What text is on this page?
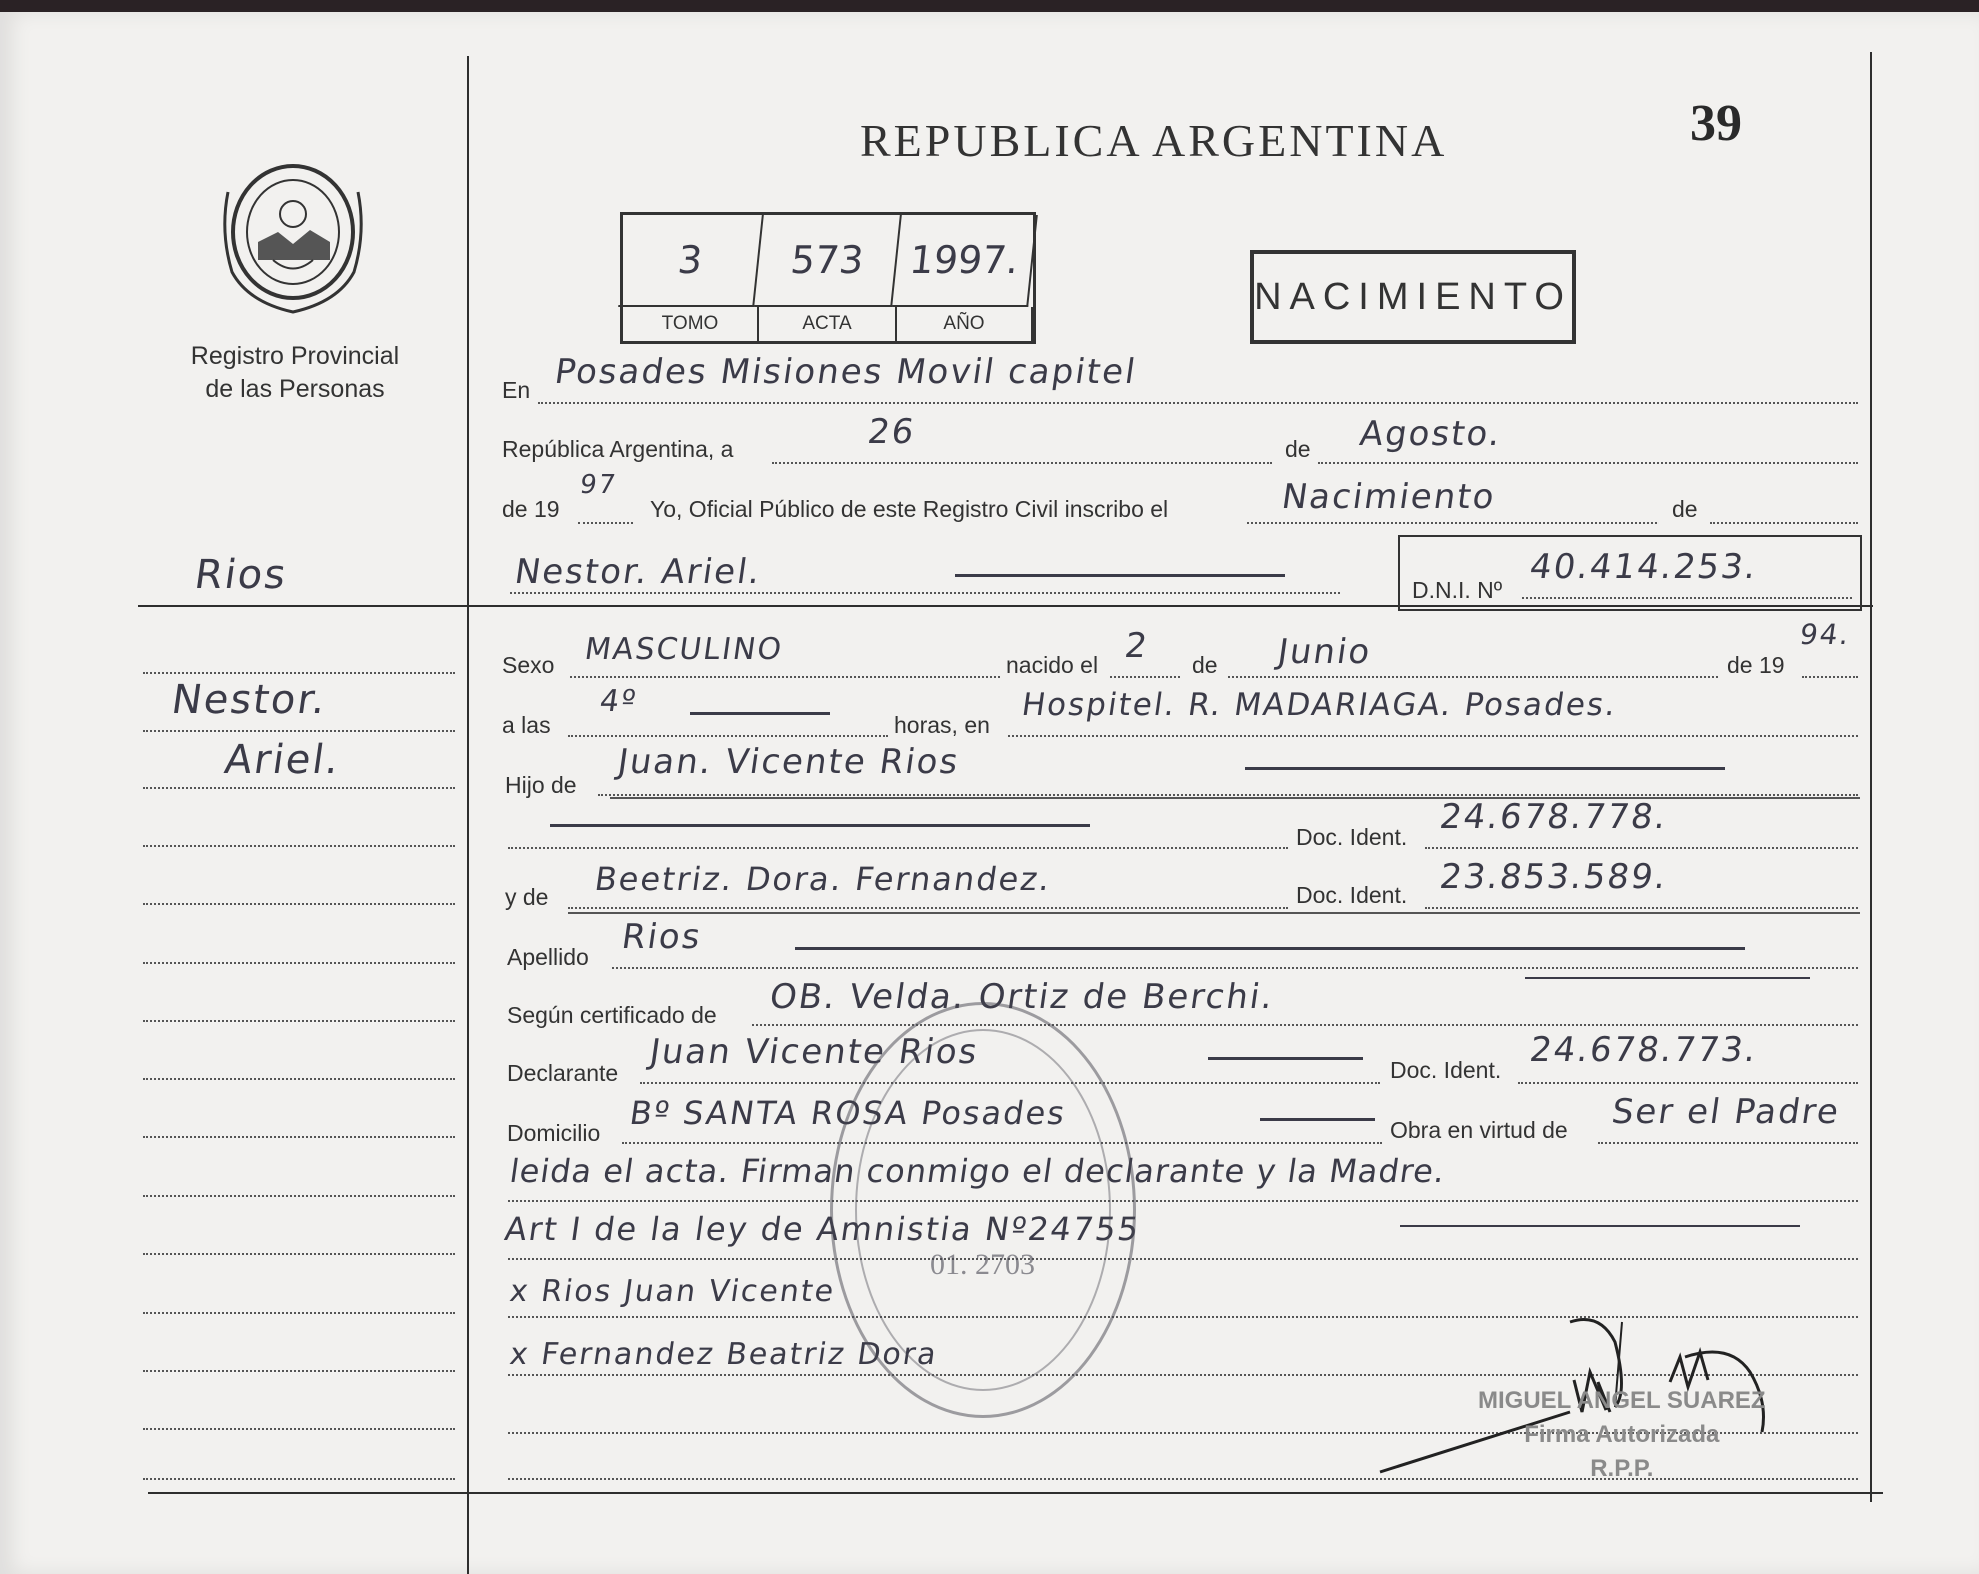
REPUBLICA ARGENTINA	39
Registro Provincial
de las Personas
3	573	1997.
TOMO	ACTA	AÑO
NACIMIENTO
Rios
Nestor.
Ariel.
En Posades Misiones Movil capitel
República Argentina, a	26	de Agosto.
de 19
97
Yo, Oficial Público de este Registro Civil inscribo el	Nacimiento	de
Nestor. Ariel.	D.N.I. Nº
40.414.253.
Sexo MASCULINO	nacido el 2 de Junio	de 19
94.
a las
4º
horas, en
Hospitel. R. MADARIAGA. Posades.
Hijo de
Juan. Vicente Rios
Doc. Ident. 24.678.778.
y de Beetriz. Dora. Fernandez.	Doc. Ident. 23.853.589.
Apellido Rios
Según certificado de OB. Velda. Ortiz de Berchi.
Declarante
Juan Vicente Rios	Doc. Ident. 24.678.773.
Domicilio
Bº SANTA ROSA Posades	Obra en virtud de Ser el Padre
leida el acta. Firman conmigo el declarante y la Madre.
Art I de la ley de Amnistia Nº24755
x Rios Juan Vicente
x Fernandez Beatriz Dora
01. 2703
MIGUEL ANGEL SUAREZ
Firma Autorizada
R.P.P.
